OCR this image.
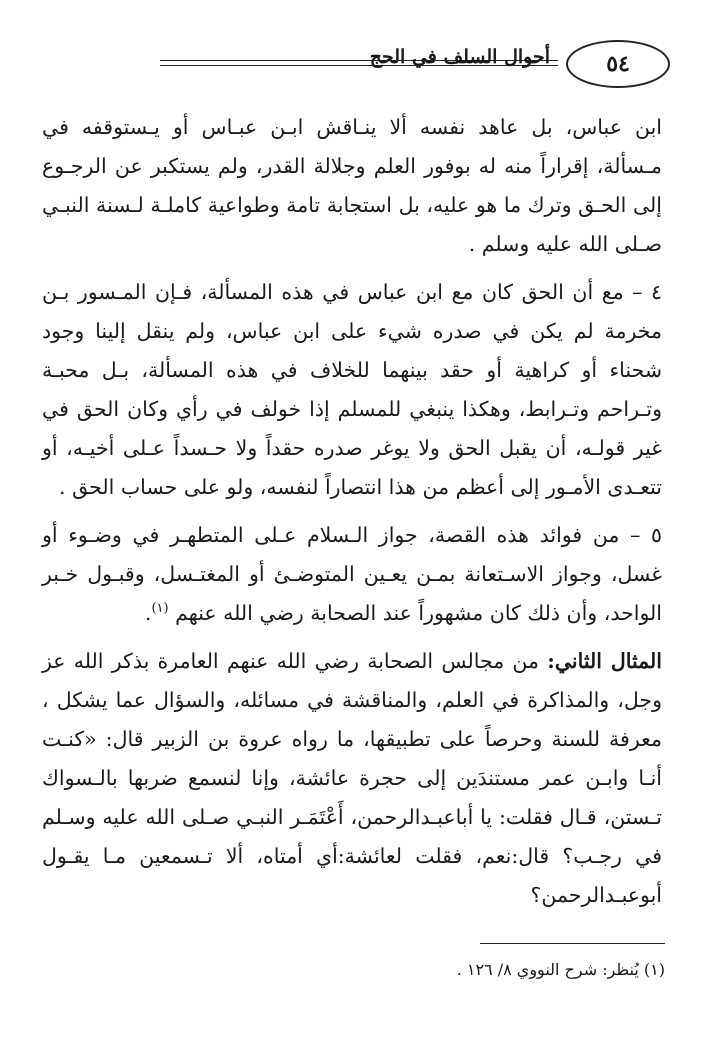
٥٤
أحوال السلف في الحج

ابن عباس، بل عاهد نفسه ألا ينـاقش ابـن عبـاس أو يـستوقفه في مـسألة، إقراراً منه له بوفور العلم وجلالة القدر، ولم يستكبر عن الرجـوع إلى الحـق وترك ما هو عليه، بل استجابة تامة وطواعية كاملـة لـسنة النبـي صـلى الله عليه وسلم .

٤ – مع أن الحق كان مع ابن عباس في هذه المسألة، فـإن المـسور بـن مخرمة لم يكن في صدره شيء على ابن عباس، ولم ينقل إلينا وجود شحناء أو كراهية أو حقد بينهما للخلاف في هذه المسألة، بـل محبـة وتـراحم وتـرابط، وهكذا ينبغي للمسلم إذا خولف في رأي وكان الحق في غير قولـه، أن يقبل الحق ولا يوغر صدره حقداً ولا حـسداً عـلى أخيـه، أو تتعـدى الأمـور إلى أعظم من هذا انتصاراً لنفسه، ولو على حساب الحق .

٥ – من فوائد هذه القصة، جواز الـسلام عـلى المتطهـر في وضـوء أو غسل، وجواز الاسـتعانة بمـن يعـين المتوضـئ أو المغتـسل، وقبـول خـبر الواحد، وأن ذلك كان مشهوراً عند الصحابة رضي الله عنهم $^{(١)}$.

المثال الثاني: من مجالس الصحابة رضي الله عنهم العامرة بذكر الله عز وجل، والمذاكرة في العلم، والمناقشة في مسائله، والسؤال عما يشكل ، معرفة للسنة وحرصاً على تطبيقها، ما رواه عروة بن الزبير قال: «كنـت أنـا وابـن عمر مستندَين إلى حجرة عائشة، وإنا لنسمع ضربها بالـسواك تـستن، قـال فقلت: يا أباعبـدالرحمن، أَعْتَمَـر النبـي صـلى الله عليه وسـلم في رجـب؟ قال:نعم، فقلت لعائشة:أي أمتاه، ألا تـسمعين مـا يقـول أبوعبـدالرحمن؟

(١) يُنظر: شرح النووي ٨/ ١٢٦ .
